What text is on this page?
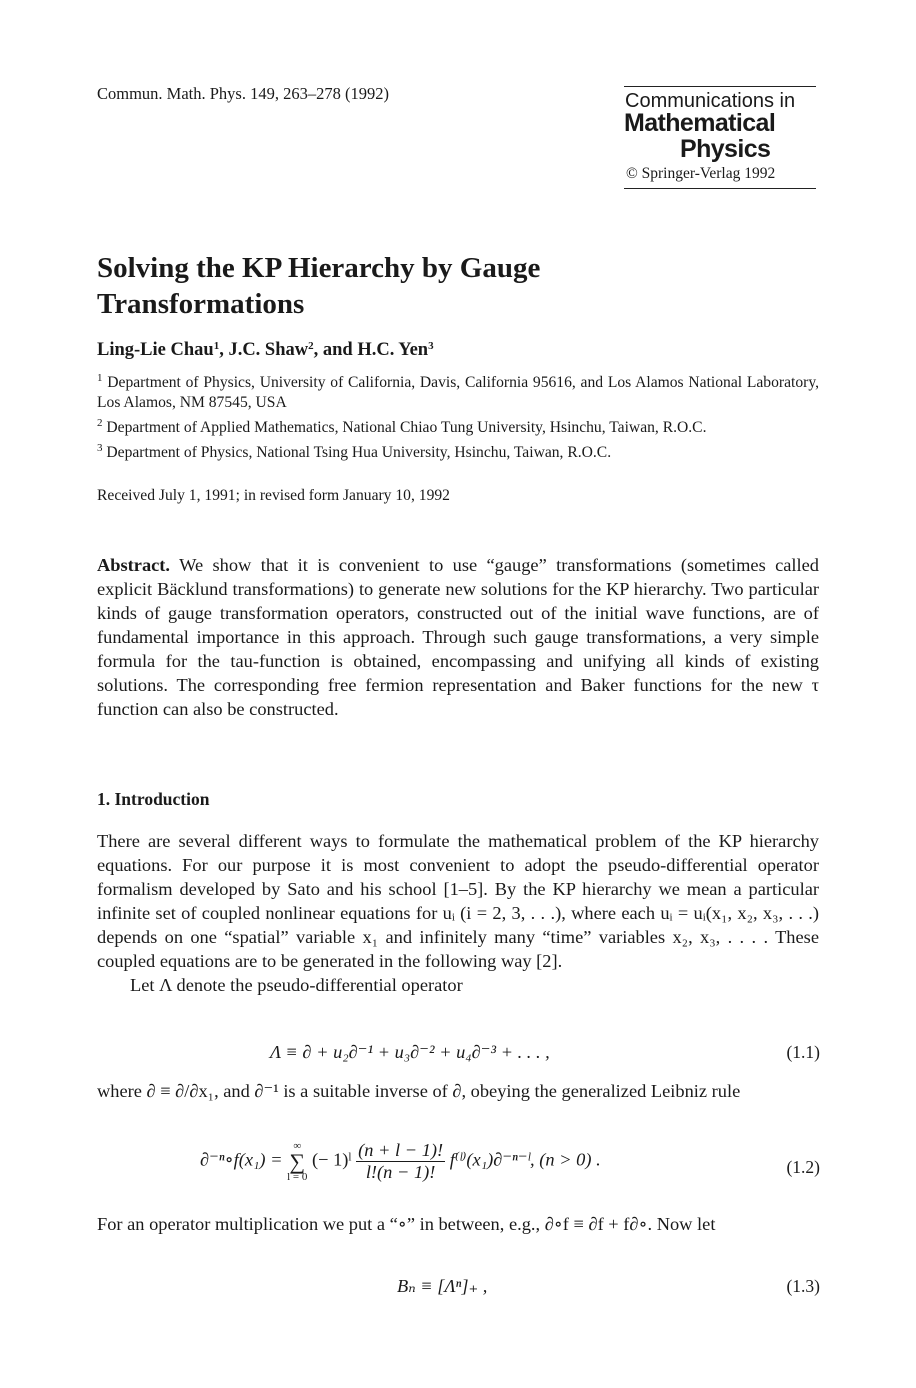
Commun. Math. Phys. 149, 263–278 (1992)	Communications in
Mathematical
Physics
© Springer-Verlag 1992
Solving the KP Hierarchy by Gauge
Transformations
Ling-Lie Chau$^1$, J.C. Shaw$^2$, and H.C. Yen$^3$

$^1$ Department of Physics, University of California, Davis, California 95616, and Los Alamos National Laboratory, Los Alamos, NM 87545, USA

$^2$ Department of Applied Mathematics, National Chiao Tung University, Hsinchu, Taiwan, R.O.C.

$^3$ Department of Physics, National Tsing Hua University, Hsinchu, Taiwan, R.O.C.

Received July 1, 1991; in revised form January 10, 1992

Abstract. We show that it is convenient to use “gauge” transformations (sometimes called explicit Bäcklund transformations) to generate new solutions for the KP hierarchy. Two particular kinds of gauge transformation operators, constructed out of the initial wave functions, are of fundamental importance in this approach. Through such gauge transformations, a very simple formula for the tau-function is obtained, encompassing and unifying all kinds of existing solutions. The corresponding free fermion representation and Baker functions for the new τ function can also be constructed.

1. Introduction

There are several different ways to formulate the mathematical problem of the KP hierarchy equations. For our purpose it is most convenient to adopt the pseudo-differential operator formalism developed by Sato and his school [1–5]. By the KP hierarchy we mean a particular infinite set of coupled nonlinear equations for uᵢ (i = 2, 3, . . .), where each uᵢ = uᵢ(x₁, x₂, x₃, . . .) depends on one “spatial” variable x₁ and infinitely many “time” variables x₂, x₃, . . . . These coupled equations are to be generated in the following way [2].

Let Λ denote the pseudo-differential operator

Λ ≡ ∂ + u₂∂⁻¹ + u₃∂⁻² + u₄∂⁻³ + . . . ,	(1.1)

where ∂ ≡ ∂/∂x₁, and ∂⁻¹ is a suitable inverse of ∂, obeying the generalized Leibniz rule

∂⁻ⁿ∘f(x₁) =
∞
∑
l = 0
(− 1)ˡ $\frac{(n + l - 1)!}{l!(n - 1)!}$ f⁽ˡ⁾(x₁)∂⁻ⁿ⁻ˡ, (n > 0) .	(1.2)

For an operator multiplication we put a “∘” in between, e.g., ∂∘f ≡ ∂f + f∂∘. Now let

Bₙ ≡ [Λⁿ]₊ ,	(1.3)
